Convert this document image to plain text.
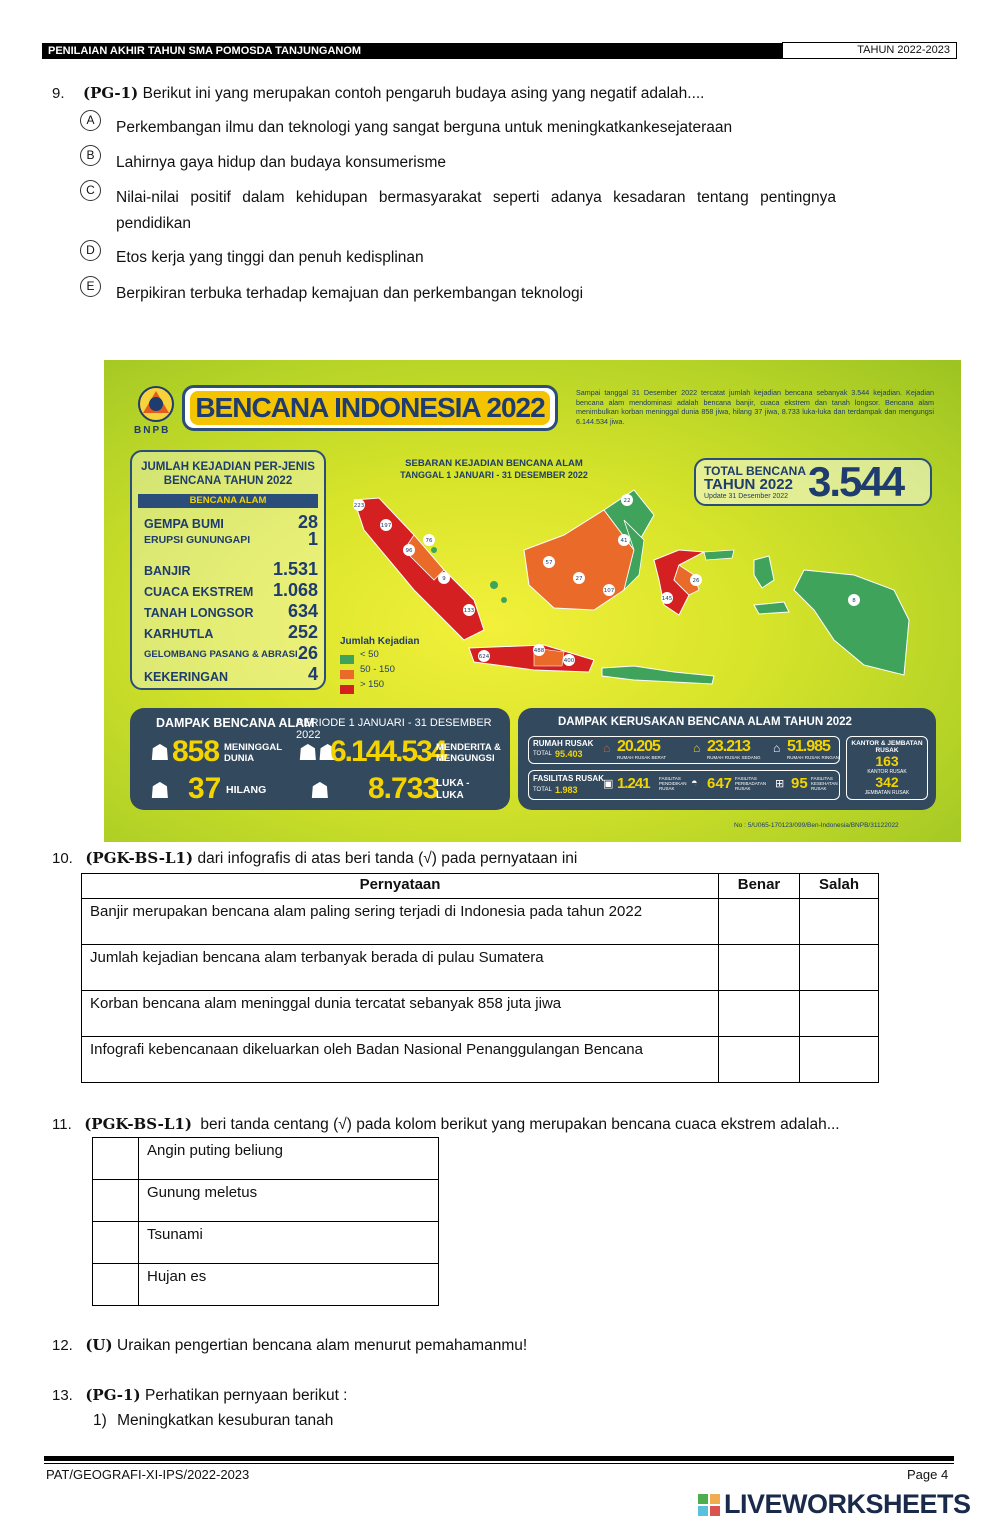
PENILAIAN AKHIR TAHUN SMA POMOSDA TANJUNGANOM	TAHUN 2022-2023
9. (PG-1) Berikut ini yang merupakan contoh pengaruh budaya asing yang negatif adalah....
A	Perkembangan ilmu dan teknologi yang sangat berguna untuk meningkatkankesejateraan
B	Lahirnya gaya hidup dan budaya konsumerisme
C	Nilai-nilai positif dalam kehidupan bermasyarakat seperti adanya kesadaran tentang pentingnya
pendidikan
D	Etos kerja yang tinggi dan penuh kedisplinan
E	Berpikiran terbuka terhadap kemajuan dan perkembangan teknologi
BNPB
BENCANA INDONESIA 2022	Sampai tanggal 31 Desember 2022 tercatat jumlah kejadian bencana sebanyak 3.544 kejadian. Kejadian bencana alam mendominasi adalah bencana banjir, cuaca ekstrem dan tanah longsor. Bencana alam menimbulkan korban meninggal dunia 858 jiwa, hilang 37 jiwa, 8.733 luka-luka dan terdampak dan mengungsi 6.144.534 jiwa.
JUMLAH KEJADIAN PER-JENIS BENCANA TAHUN 2022
BENCANA ALAM
GEMPA BUMI	28
ERUPSI GUNUNGAPI	1
BANJIR	1.531
CUACA EKSTREM	1.068
TANAH LONGSOR	634
KARHUTLA	252
GELOMBANG PASANG & ABRASI 26
KEKERINGAN	4
SEBARAN KEJADIAN BENCANA ALAM
TANGGAL 1 JANUARI - 31 DESEMBER 2022	TOTAL BENCANA
TAHUN 2022
Update 31 Desember 2022 3.544
223
197
96
76
9
133
624
488
400
57
27
107
41
22
145
26
8
Jumlah Kejadian
< 50
50 - 150
> 150
DAMPAK BENCANA ALAM
PERIODE 1 JANUARI - 31 DESEMBER 2022
☗ 858 MENINGGAL DUNIA	☗☗
6.144.534
MENDERITA & MENGUNGSI
☗ 37 HILANG ☗ 8.733
LUKA - LUKA
DAMPAK KERUSAKAN BENCANA ALAM TAHUN 2022
RUMAH RUSAK
TOTAL 95.403 ⌂ 20.205
RUMAH RUSAK BERAT
⌂ 23.213
RUMAH RUSAK SEDANG
⌂ 51.985
RUMAH RUSAK RINGAN
FASILITAS RUSAK
TOTAL 1.983 ▣ 1.241 FASILITAS PENDIDIKAN RUSAK	◓ 647 FASILITAS PERIBADATAN RUSAK	⊞ 95 FASILITAS KESEHATAN RUSAK
KANTOR & JEMBATAN RUSAK
163
KANTOR RUSAK
342
JEMBATAN RUSAK
No : 5/U065-170123/099/Ben-Indonesia/BNPB/31122022
10. (PGK-BS-L1) dari infografis di atas beri tanda (√) pada pernyataan ini
Pernyataan	Benar	Salah
Banjir merupakan bencana alam paling sering terjadi di Indonesia pada tahun 2022		
Jumlah kejadian bencana alam terbanyak berada di pulau Sumatera		
Korban bencana alam meninggal dunia tercatat sebanyak 858 juta jiwa		
Infografi kebencanaan dikeluarkan oleh Badan Nasional Penanggulangan Bencana		
11. (PGK-BS-L1) beri tanda centang (√) pada kolom berikut yang merupakan bencana cuaca ekstrem adalah...
	Angin puting beliung
	Gunung meletus
	Tsunami
	Hujan es
12. (U) Uraikan pengertian bencana alam menurut pemahamanmu!
13. (PG-1) Perhatikan pernyaan berikut :
1) Meningkatkan kesuburan tanah
PAT/GEOGRAFI-XI-IPS/2022-2023	Page 4
LIVEWORKSHEETS
